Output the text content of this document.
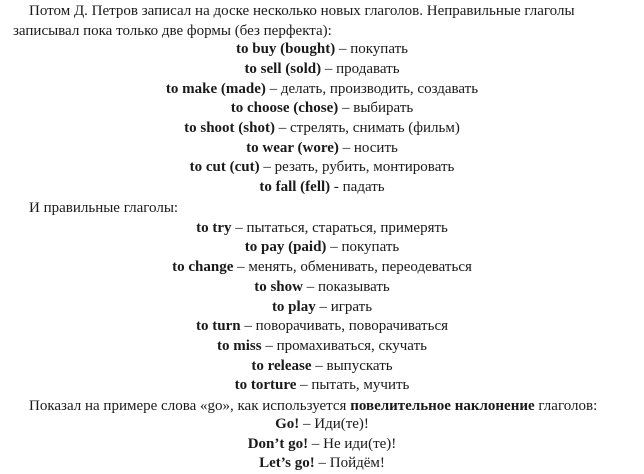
Потом Д. Петров записал на доске несколько новых глаголов. Неправильные глаголы
записывал пока только две формы (без перфекта):
to buy (bought) – покупать
to sell (sold) – продавать
to make (made) – делать, производить, создавать
to choose (chose) – выбирать
to shoot (shot) – стрелять, снимать (фильм)
to wear (wore) – носить
to cut (cut) – резать, рубить, монтировать
to fall (fell) - падать
И правильные глаголы:
to try – пытаться, стараться, примерять
to pay (paid) – покупать
to change – менять, обменивать, переодеваться
to show – показывать
to play – играть
to turn – поворачивать, поворачиваться
to miss – промахиваться, скучать
to release – выпускать
to torture – пытать, мучить
Показал на примере слова «go», как используется повелительное наклонение глаголов:
Go! – Иди(те)!
Don’t go! – Не иди(те)!
Let’s go! – Пойдём!
